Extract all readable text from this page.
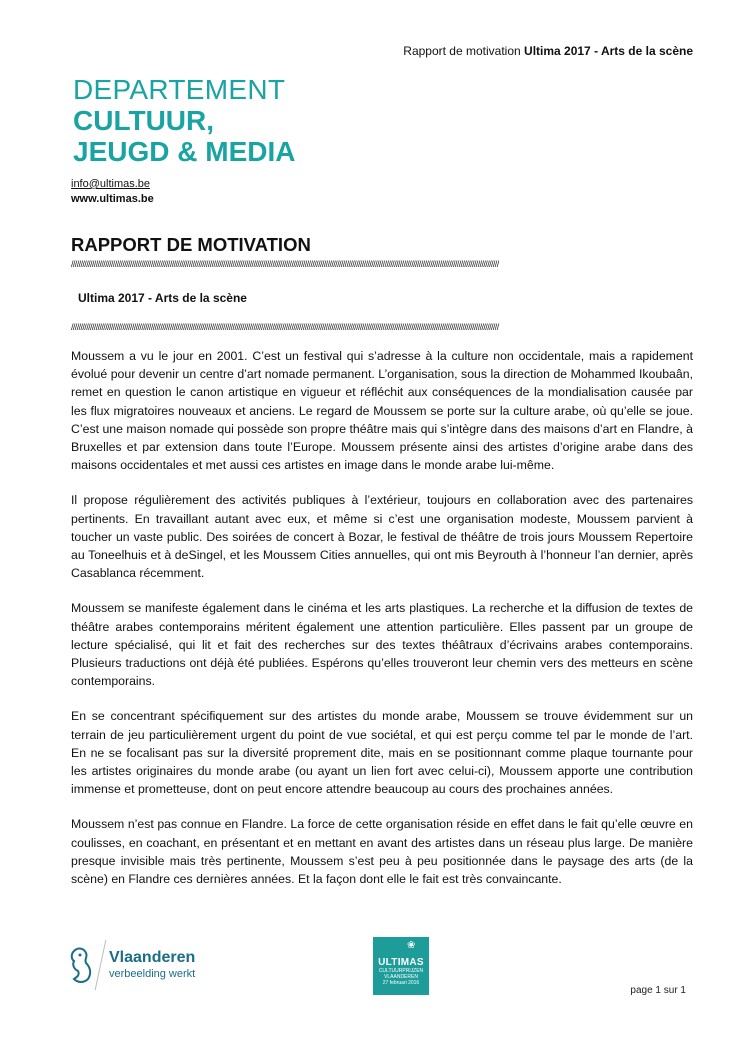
Rapport de motivation Ultima 2017 - Arts de la scène
DEPARTEMENT
CULTUUR,
JEUGD & MEDIA
info@ultimas.be
www.ultimas.be
RAPPORT DE MOTIVATION
/////////////////////////////////////////////////////////////////////////////////////////////////////////////////////////////////////////////////////////////////////////////////////////////////////////////////////////////////
Ultima 2017 - Arts de la scène
/////////////////////////////////////////////////////////////////////////////////////////////////////////////////////////////////////////////////////////////////////////////////////////////////////////////////////////////////

Moussem a vu le jour en 2001. C’est un festival qui s’adresse à la culture non occidentale, mais a rapidement évolué pour devenir un centre d’art nomade permanent. L’organisation, sous la direction de Mohammed Ikoubaân, remet en question le canon artistique en vigueur et réfléchit aux conséquences de la mondialisation causée par les flux migratoires nouveaux et anciens. Le regard de Moussem se porte sur la culture arabe, où qu’elle se joue. C’est une maison nomade qui possède son propre théâtre mais qui s’intègre dans des maisons d’art en Flandre, à Bruxelles et par extension dans toute l’Europe. Moussem présente ainsi des artistes d’origine arabe dans des maisons occidentales et met aussi ces artistes en image dans le monde arabe lui-même.

Il propose régulièrement des activités publiques à l’extérieur, toujours en collaboration avec des partenaires pertinents. En travaillant autant avec eux, et même si c’est une organisation modeste, Moussem parvient à toucher un vaste public. Des soirées de concert à Bozar, le festival de théâtre de trois jours Moussem Repertoire au Toneelhuis et à deSingel, et les Moussem Cities annuelles, qui ont mis Beyrouth à l’honneur l’an dernier, après Casablanca récemment.

Moussem se manifeste également dans le cinéma et les arts plastiques. La recherche et la diffusion de textes de théâtre arabes contemporains méritent également une attention particulière. Elles passent par un groupe de lecture spécialisé, qui lit et fait des recherches sur des textes théâtraux d’écrivains arabes contemporains. Plusieurs traductions ont déjà été publiées. Espérons qu’elles trouveront leur chemin vers des metteurs en scène contemporains.

En se concentrant spécifiquement sur des artistes du monde arabe, Moussem se trouve évidemment sur un terrain de jeu particulièrement urgent du point de vue sociétal, et qui est perçu comme tel par le monde de l’art. En ne se focalisant pas sur la diversité proprement dite, mais en se positionnant comme plaque tournante pour les artistes originaires du monde arabe (ou ayant un lien fort avec celui-ci), Moussem apporte une contribution immense et prometteuse, dont on peut encore attendre beaucoup au cours des prochaines années.

Moussem n’est pas connue en Flandre. La force de cette organisation réside en effet dans le fait qu’elle œuvre en coulisses, en coachant, en présentant et en mettant en avant des artistes dans un réseau plus large. De manière presque invisible mais très pertinente, Moussem s’est peu à peu positionnée dans le paysage des arts (de la scène) en Flandre ces dernières années. Et la façon dont elle le fait est très convaincante.

Vlaanderen
verbeelding werkt
❀
ULTIMAS
CULTUURPRIJZEN VLAANDEREN
27 februari 2016
page 1 sur 1
